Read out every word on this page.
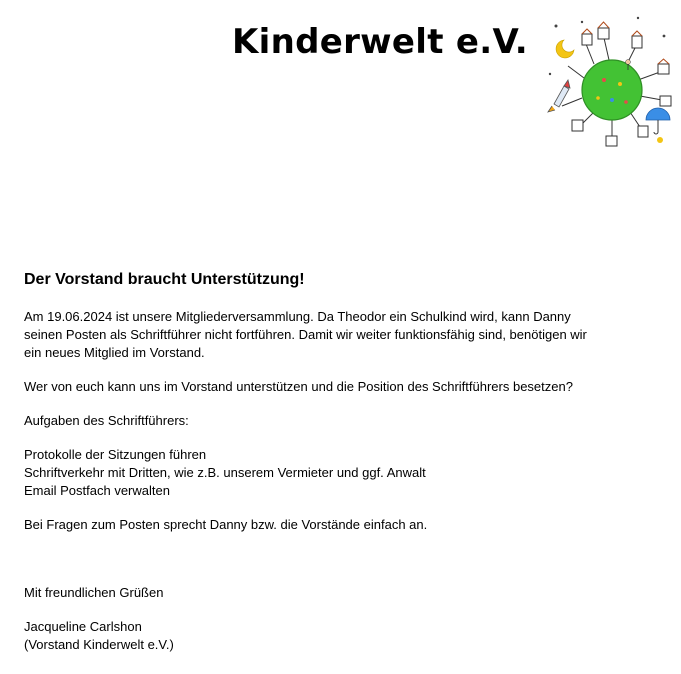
Kinderwelt e.V.
Der Vorstand braucht Unterstützung!

Am 19.06.2024 ist unsere Mitgliederversammlung. Da Theodor ein Schulkind wird, kann Danny
seinen Posten als Schriftführer nicht fortführen. Damit wir weiter funktionsfähig sind, benötigen wir
ein neues Mitglied im Vorstand.

Wer von euch kann uns im Vorstand unterstützen und die Position des Schriftführers besetzen?

Aufgaben des Schriftführers:

Protokolle der Sitzungen führen
Schriftverkehr mit Dritten, wie z.B. unserem Vermieter und ggf. Anwalt
Email Postfach verwalten

Bei Fragen zum Posten sprecht Danny bzw. die Vorstände einfach an.

Mit freundlichen Grüßen

Jacqueline Carlshon
(Vorstand Kinderwelt e.V.)
